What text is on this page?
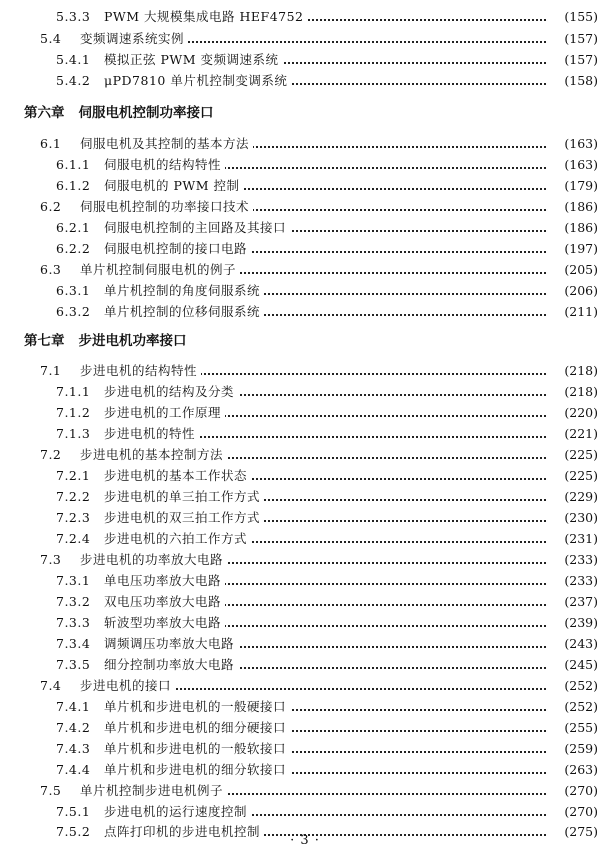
5.3.3 PWM 大规模集成电路 HEF4752	(155)
5.4 变频调速系统实例	(157)
5.4.1 模拟正弦 PWM 变频调速系统	(157)
5.4.2 μPD7810 单片机控制变调系统	(158)
第六章 伺服电机控制功率接口
6.1 伺服电机及其控制的基本方法	(163)
6.1.1 伺服电机的结构特性	(163)
6.1.2 伺服电机的 PWM 控制	(179)
6.2 伺服电机控制的功率接口技术	(186)
6.2.1 伺服电机控制的主回路及其接口	(186)
6.2.2 伺服电机控制的接口电路	(197)
6.3 单片机控制伺服电机的例子	(205)
6.3.1 单片机控制的角度伺服系统	(206)
6.3.2 单片机控制的位移伺服系统	(211)
第七章 步进电机功率接口
7.1 步进电机的结构特性	(218)
7.1.1 步进电机的结构及分类	(218)
7.1.2 步进电机的工作原理	(220)
7.1.3 步进电机的特性	(221)
7.2 步进电机的基本控制方法	(225)
7.2.1 步进电机的基本工作状态	(225)
7.2.2 步进电机的单三拍工作方式	(229)
7.2.3 步进电机的双三拍工作方式	(230)
7.2.4 步进电机的六拍工作方式	(231)
7.3 步进电机的功率放大电路	(233)
7.3.1 单电压功率放大电路	(233)
7.3.2 双电压功率放大电路	(237)
7.3.3 斩波型功率放大电路	(239)
7.3.4 调频调压功率放大电路	(243)
7.3.5 细分控制功率放大电路	(245)
7.4 步进电机的接口	(252)
7.4.1 单片机和步进电机的一般硬接口	(252)
7.4.2 单片机和步进电机的细分硬接口	(255)
7.4.3 单片机和步进电机的一般软接口	(259)
7.4.4 单片机和步进电机的细分软接口	(263)
7.5 单片机控制步进电机例子	(270)
7.5.1 步进电机的运行速度控制	(270)
7.5.2 点阵打印机的步进电机控制	(275)
· 3 ·
